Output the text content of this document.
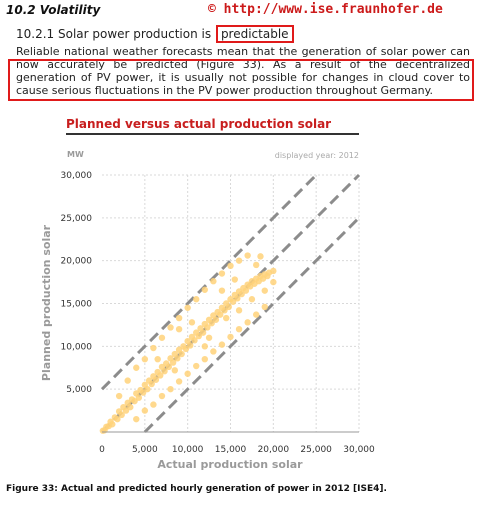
10.2 Volatility	© http://www.ise.fraunhofer.de
10.2.1 Solar power production is predictable
Reliable national weather forecasts mean that the generation of solar power can now accurately be predicted (Figure 33). As a result of the decentralized generation of PV power, it is usually not possible for changes in cloud cover to cause serious fluctuations in the PV power production throughout Germany.
Planned versus actual production solar
5,000
10,000
15,000
20,000
25,000
30,000
0	5,000 10,000 15,000 20,000 25,000 30,000
MW	displayed year: 2012
Actual production solar
Planned production solar
Figure 33: Actual and predicted hourly generation of power in 2012 [ISE4].
